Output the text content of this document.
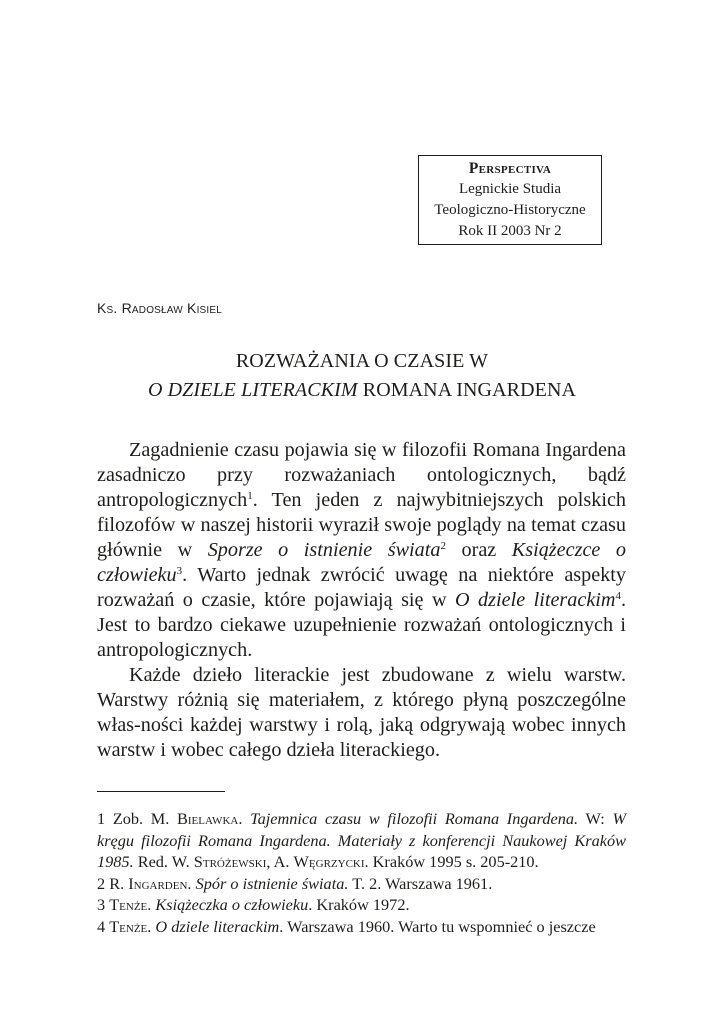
Perspectiva
Legnickie Studia
Teologiczno-Historyczne
Rok II 2003 Nr 2
Ks. Radosław Kisiel
ROZWAŻANIA O CZASIE W
O DZIELE LITERACKIM ROMANA INGARDENA

Zagadnienie czasu pojawia się w filozofii Romana Ingardena zasadniczo przy rozważaniach ontologicznych, bądź antropologicznych$^1$. Ten jeden z najwybitniejszych polskich filozofów w naszej historii wyraził swoje poglądy na temat czasu głównie w Sporze o istnienie świata$^2$ oraz Książeczce o człowieku$^3$. Warto jednak zwrócić uwagę na niektóre aspekty rozważań o czasie, które pojawiają się w O dziele literackim$^4$. Jest to bardzo ciekawe uzupełnienie rozważań ontologicznych i antropologicznych.

Każde dzieło literackie jest zbudowane z wielu warstw. Warstwy różnią się materiałem, z którego płyną poszczególne włas-ności każdej warstwy i rolą, jaką odgrywają wobec innych warstw i wobec całego dzieła literackiego.

1 Zob. M. Bielawka. Tajemnica czasu w filozofii Romana Ingardena. W: W kręgu filozofii Romana Ingardena. Materiały z konferencji Naukowej Kraków 1985. Red. W. Stróżewski, A. Węgrzycki. Kraków 1995 s. 205-210.

2 R. Ingarden. Spór o istnienie świata. T. 2. Warszawa 1961.

3 Tenże. Książeczka o człowieku. Kraków 1972.

4 Tenże. O dziele literackim. Warszawa 1960. Warto tu wspomnieć o jeszcze
